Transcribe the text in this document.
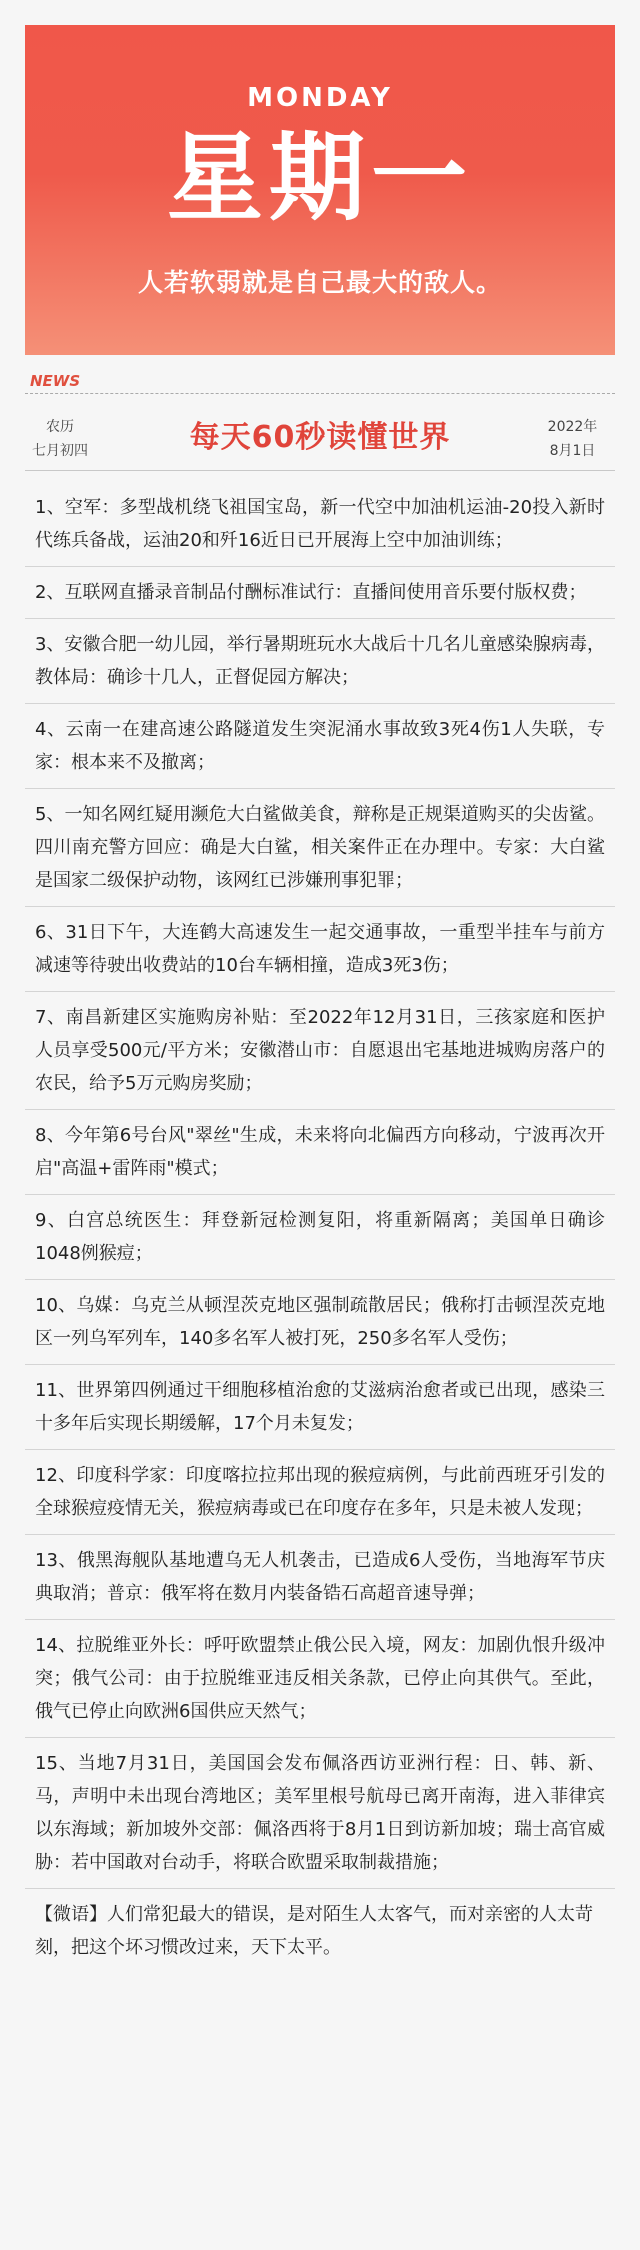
MONDAY
星期一
人若软弱就是自己最大的敌人。
NEWS
农历
七月初四	每天60秒读懂世界	2022年
8月1日
1、空军：多型战机绕飞祖国宝岛，新一代空中加油机运油-20投入新时代练兵备战，运油20和歼16近日已开展海上空中加油训练；
2、互联网直播录音制品付酬标准试行：直播间使用音乐要付版权费；
3、安徽合肥一幼儿园，举行暑期班玩水大战后十几名儿童感染腺病毒，教体局：确诊十几人，正督促园方解决；
4、云南一在建高速公路隧道发生突泥涌水事故致3死4伤1人失联，专家：根本来不及撤离；
5、一知名网红疑用濒危大白鲨做美食，辩称是正规渠道购买的尖齿鲨。四川南充警方回应：确是大白鲨，相关案件正在办理中。专家：大白鲨是国家二级保护动物，该网红已涉嫌刑事犯罪；
6、31日下午，大连鹤大高速发生一起交通事故，一重型半挂车与前方减速等待驶出收费站的10台车辆相撞，造成3死3伤；
7、南昌新建区实施购房补贴：至2022年12月31日，三孩家庭和医护人员享受500元/平方米；安徽潜山市：自愿退出宅基地进城购房落户的农民，给予5万元购房奖励；
8、今年第6号台风"翠丝"生成，未来将向北偏西方向移动，宁波再次开启"高温+雷阵雨"模式；
9、白宫总统医生：拜登新冠检测复阳，将重新隔离；美国单日确诊1048例猴痘；
10、乌媒：乌克兰从顿涅茨克地区强制疏散居民；俄称打击顿涅茨克地区一列乌军列车，140多名军人被打死，250多名军人受伤；
11、世界第四例通过干细胞移植治愈的艾滋病治愈者或已出现，感染三十多年后实现长期缓解，17个月未复发；
12、印度科学家：印度喀拉拉邦出现的猴痘病例，与此前西班牙引发的全球猴痘疫情无关，猴痘病毒或已在印度存在多年，只是未被人发现；
13、俄黑海舰队基地遭乌无人机袭击，已造成6人受伤，当地海军节庆典取消；普京：俄军将在数月内装备锆石高超音速导弹；
14、拉脱维亚外长：呼吁欧盟禁止俄公民入境，网友：加剧仇恨升级冲突；俄气公司：由于拉脱维亚违反相关条款，已停止向其供气。至此，俄气已停止向欧洲6国供应天然气；
15、当地7月31日，美国国会发布佩洛西访亚洲行程：日、韩、新、马，声明中未出现台湾地区；美军里根号航母已离开南海，进入菲律宾以东海域；新加坡外交部：佩洛西将于8月1日到访新加坡；瑞士高官威胁：若中国敢对台动手，将联合欧盟采取制裁措施；
【微语】人们常犯最大的错误，是对陌生人太客气，而对亲密的人太苛刻，把这个坏习惯改过来，天下太平。
